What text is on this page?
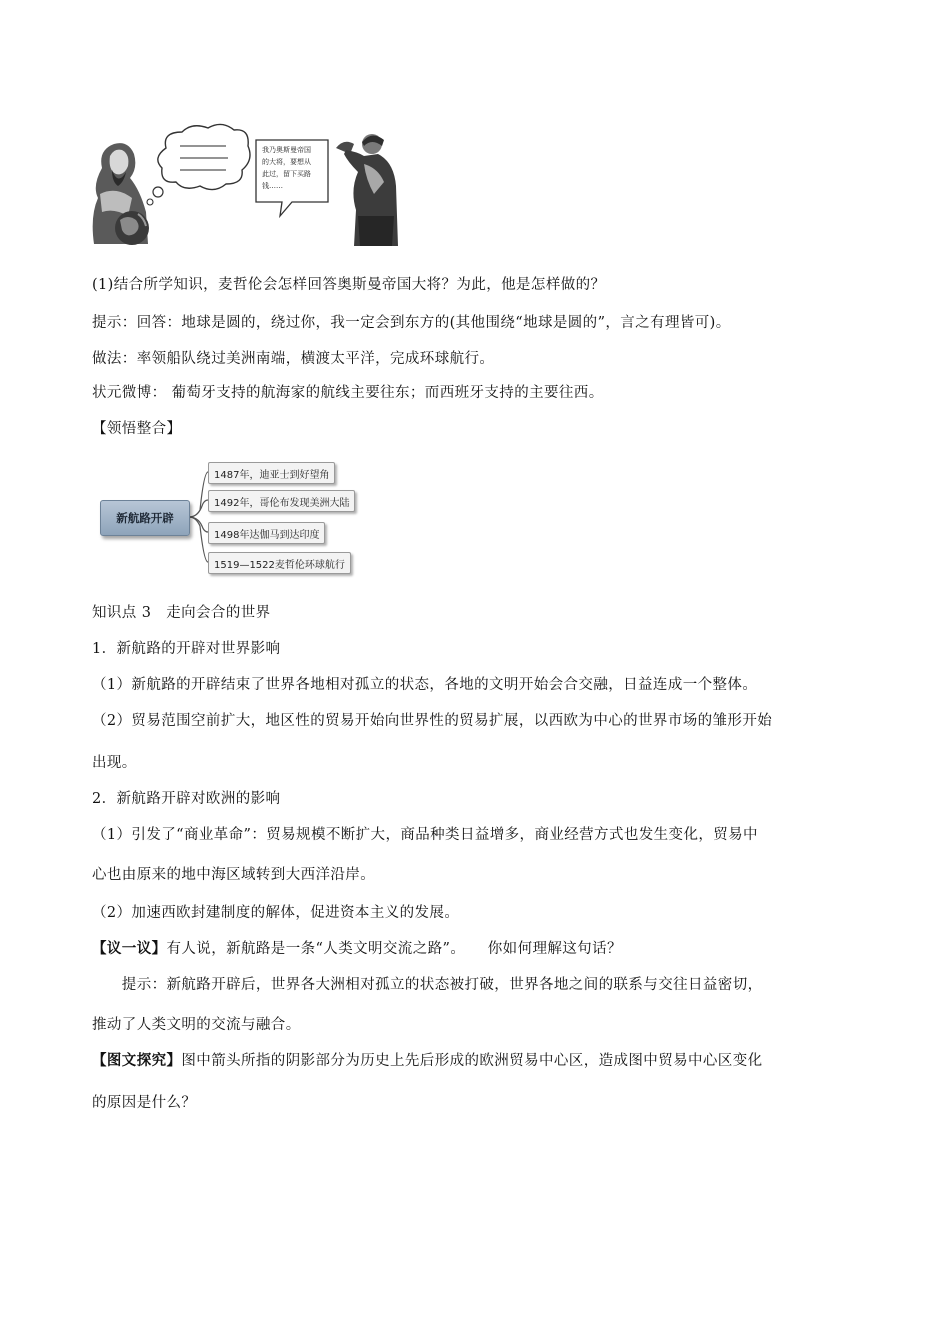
我乃奥斯曼帝国
的大将，要想从
此过，留下买路
钱……
(1)结合所学知识，麦哲伦会怎样回答奥斯曼帝国大将？为此，他是怎样做的？
提示：回答：地球是圆的，绕过你，我一定会到东方的(其他围绕“地球是圆的”，言之有理皆可)。
做法：率领船队绕过美洲南端，横渡太平洋，完成环球航行。
状元微博： 葡萄牙支持的航海家的航线主要往东；而西班牙支持的主要往西。
【领悟整合】
新航路开辟
1487年，迪亚士到好望角
1492年，哥伦布发现美洲大陆
1498年达伽马到达印度
1519—1522麦哲伦环球航行
知识点 3　走向会合的世界
1．新航路的开辟对世界影响
（1）新航路的开辟结束了世界各地相对孤立的状态，各地的文明开始会合交融，日益连成一个整体。
（2）贸易范围空前扩大，地区性的贸易开始向世界性的贸易扩展，以西欧为中心的世界市场的雏形开始
出现。
2．新航路开辟对欧洲的影响
（1）引发了“商业革命”：贸易规模不断扩大，商品种类日益增多，商业经营方式也发生变化，贸易中
心也由原来的地中海区域转到大西洋沿岸。
（2）加速西欧封建制度的解体，促进资本主义的发展。
【议一议】有人说，新航路是一条“人类文明交流之路”。　　你如何理解这句话？
　　提示：新航路开辟后，世界各大洲相对孤立的状态被打破，世界各地之间的联系与交往日益密切，
推动了人类文明的交流与融合。
【图文探究】图中箭头所指的阴影部分为历史上先后形成的欧洲贸易中心区，造成图中贸易中心区变化
的原因是什么？
